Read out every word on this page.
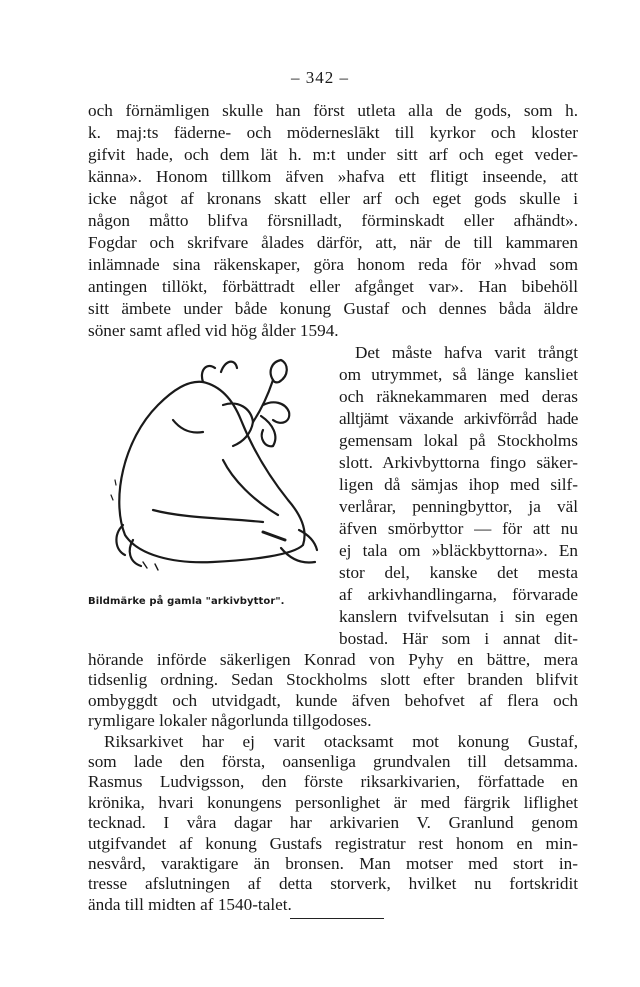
– 342 –
och förnämligen skulle han först utleta alla de gods, som h.
k. maj:ts fäderne- och möderneslākt till kyrkor och kloster
gifvit hade, och dem lät h. m:t under sitt arf och eget veder-
känna». Honom tillkom äfven »hafva ett flitigt inseende, att
icke något af kronans skatt eller arf och eget gods skulle i
någon måtto blifva försnilladt, förminskadt eller afhändt».
Fogdar och skrifvare ålades därför, att, när de till kammaren
inlämnade sina räkenskaper, göra honom reda för »hvad som
antingen tillökt, förbättradt eller afgånget var». Han bibehöll
sitt ämbete under både konung Gustaf och dennes båda äldre
söner samt afled vid hög ålder 1594.
Det måste hafva varit trångt
om utrymmet, så länge kansliet
och räknekammaren med deras
alltjämt växande arkivförråd hade
gemensam lokal på Stockholms
slott. Arkivbyttorna fingo säker-
ligen då sämjas ihop med silf-
verlårar, penningbyttor, ja väl
äfven smörbyttor — för att nu
ej tala om »bläckbyttorna». En
stor del, kanske det mesta
af arkivhandlingarna, förvarade
kanslern tvifvelsutan i sin egen
bostad. Här som i annat dit-
Bildmärke på gamla "arkivbyttor".
hörande införde säkerligen Konrad von Pyhy en bättre, mera
tidsenlig ordning. Sedan Stockholms slott efter branden blifvit
ombyggdt och utvidgadt, kunde äfven behofvet af flera och
rymligare lokaler någorlunda tillgodoses.
Riksarkivet har ej varit otacksamt mot konung Gustaf,
som lade den första, oansenliga grundvalen till detsamma.
Rasmus Ludvigsson, den förste riksarkivarien, författade en
krönika, hvari konungens personlighet är med färgrik liflighet
tecknad. I våra dagar har arkivarien V. Granlund genom
utgifvandet af konung Gustafs registratur rest honom en min-
nesvård, varaktigare än bronsen. Man motser med stort in-
tresse afslutningen af detta storverk, hvilket nu fortskridit
ända till midten af 1540-talet.
